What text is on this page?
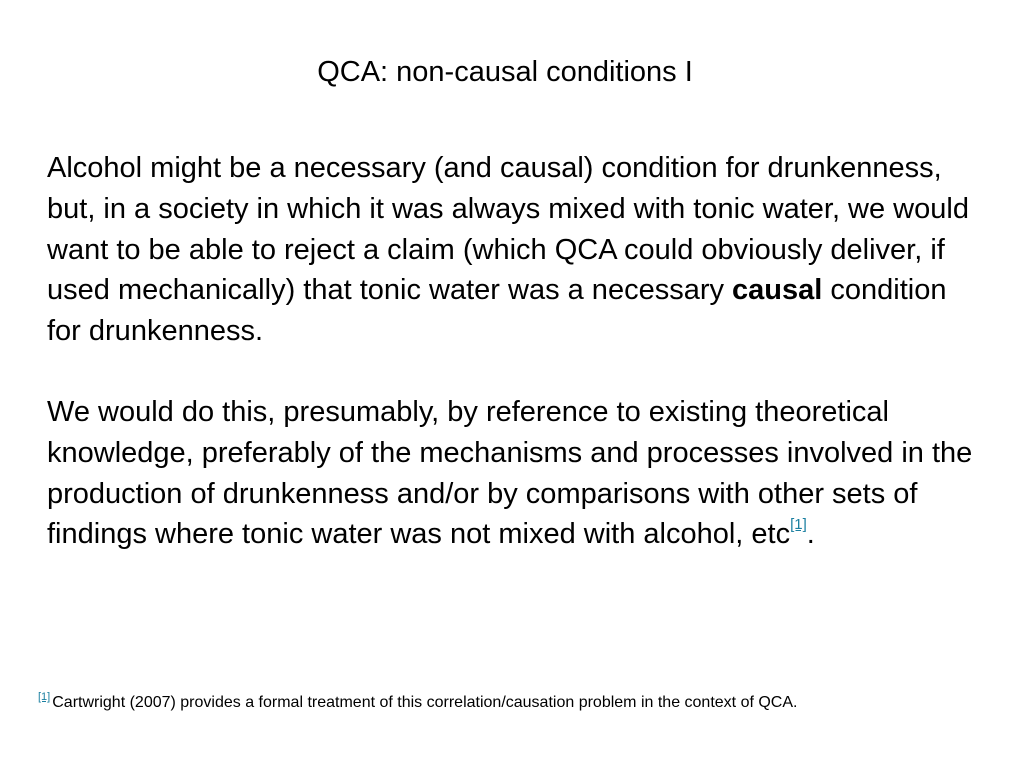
QCA: non-causal conditions I

Alcohol might be a necessary (and causal) condition for drunkenness, but, in a society in which it was always mixed with tonic water, we would want to be able to reject a claim (which QCA could obviously deliver, if used mechanically) that tonic water was a necessary causal condition for drunkenness.

We would do this, presumably, by reference to existing theoretical knowledge, preferably of the mechanisms and processes involved in the production of drunkenness and/or by comparisons with other sets of findings where tonic water was not mixed with alcohol, etc[1].

[1] Cartwright (2007) provides a formal treatment of this correlation/causation problem in the context of QCA.
